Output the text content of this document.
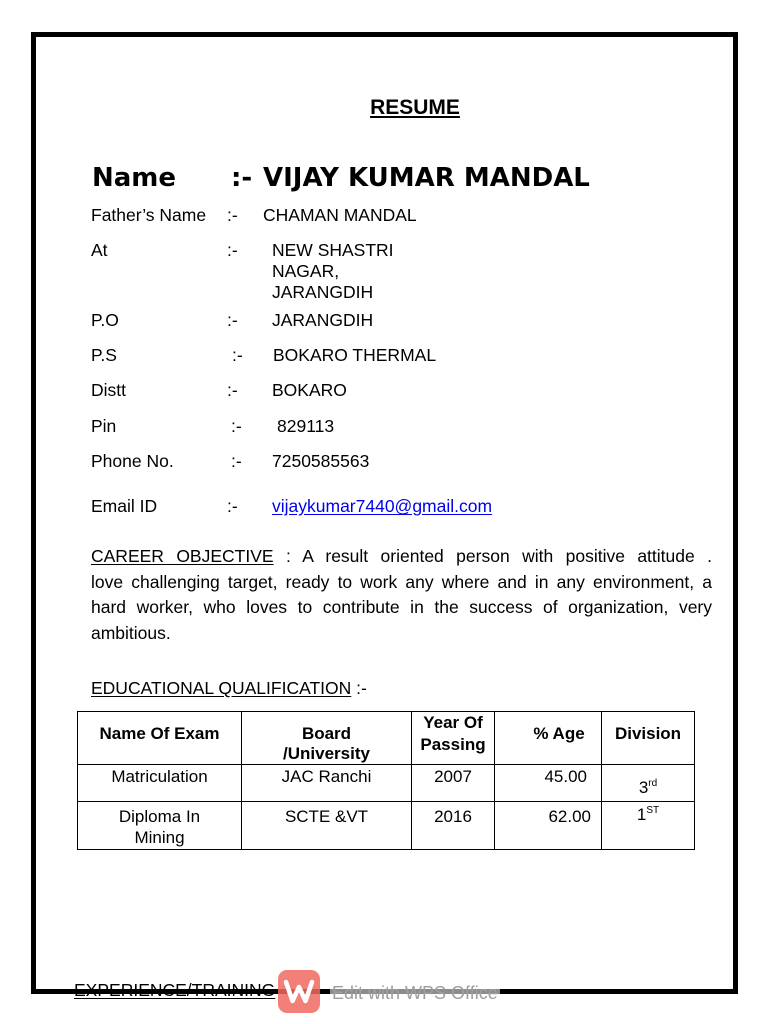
RESUME
Name :- VIJAY KUMAR MANDAL
Father’s Name :- CHAMAN MANDAL
At	:- NEW SHASTRI
NAGAR,
JARANGDIH
P.O	:- JARANGDIH
P.S	:- BOKARO THERMAL
Distt	:- BOKARO
Pin	:- 829113
Phone No.	:- 7250585563
Email ID	:- vijaykumar7440@gmail.com
CAREER OBJECTIVE : A result oriented person with positive attitude .
love challenging target, ready to work any where and in any environment, a
hard worker, who loves to contribute in the success of organization, very
ambitious.
EDUCATIONAL QUALIFICATION :-
Name Of Exam	Board /University	Year Of Passing	% Age	Division
Matriculation	JAC Ranchi	2007	45.00	3rd

Diploma In Mining	SCTE &VT	2016	62.00	1ST
EXPERIENCE/TRAINING	Edit with WPS Office
